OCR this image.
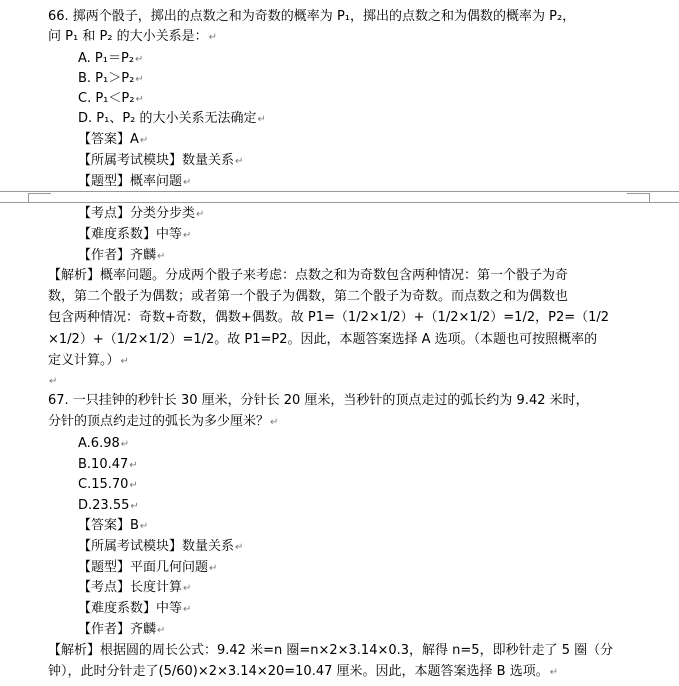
66. 掷两个骰子，掷出的点数之和为奇数的概率为 P₁，掷出的点数之和为偶数的概率为 P₂，
问 P₁ 和 P₂ 的大小关系是：↵
A. P₁＝P₂↵
B. P₁＞P₂↵
C. P₁＜P₂↵
D. P₁、P₂ 的大小关系无法确定↵
【答案】A↵
【所属考试模块】数量关系↵
【题型】概率问题↵
【考点】分类分步类↵
【难度系数】中等↵
【作者】齐麟↵
【解析】概率问题。分成两个骰子来考虑：点数之和为奇数包含两种情况：第一个骰子为奇
数，第二个骰子为偶数；或者第一个骰子为偶数，第二个骰子为奇数。而点数之和为偶数也
包含两种情况：奇数+奇数，偶数+偶数。故 P1=（1/2×1/2）+（1/2×1/2）=1/2，P2=（1/2
×1/2）+（1/2×1/2）=1/2。故 P1=P2。因此，本题答案选择 A 选项。（本题也可按照概率的
定义计算。）↵
↵
67. 一只挂钟的秒针长 30 厘米，分针长 20 厘米，当秒针的顶点走过的弧长约为 9.42 米时，
分针的顶点约走过的弧长为多少厘米？↵
A.6.98↵
B.10.47↵
C.15.70↵
D.23.55↵
【答案】B↵
【所属考试模块】数量关系↵
【题型】平面几何问题↵
【考点】长度计算↵
【难度系数】中等↵
【作者】齐麟↵
【解析】根据圆的周长公式：9.42 米=n 圈=n×2×3.14×0.3，解得 n=5，即秒针走了 5 圈（分
钟），此时分针走了(5/60)×2×3.14×20=10.47 厘米。因此，本题答案选择 B 选项。↵
